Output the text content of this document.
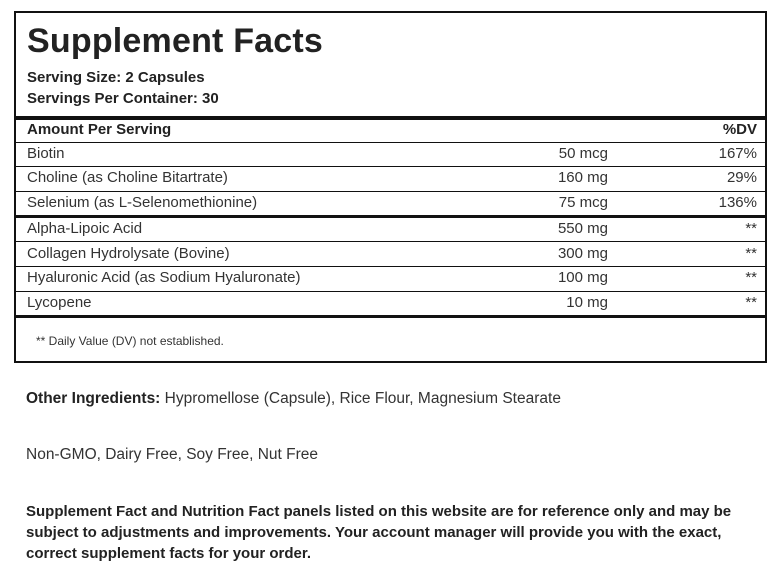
Supplement Facts
Serving Size: 2 Capsules
Servings Per Container: 30
Amount Per Serving	%DV
Biotin	50 mcg	167%
Choline (as Choline Bitartrate)	160 mg	29%
Selenium (as L-Selenomethionine)	75 mcg	136%
Alpha-Lipoic Acid	550 mg	**
Collagen Hydrolysate (Bovine)	300 mg	**
Hyaluronic Acid (as Sodium Hyaluronate)	100 mg	**
Lycopene	10 mg	**
** Daily Value (DV) not established.
Other Ingredients: Hypromellose (Capsule), Rice Flour, Magnesium Stearate
Non-GMO, Dairy Free, Soy Free, Nut Free
Supplement Fact and Nutrition Fact panels listed on this website are for reference only and may be subject to adjustments and improvements. Your account manager will provide you with the exact, correct supplement facts for your order.
